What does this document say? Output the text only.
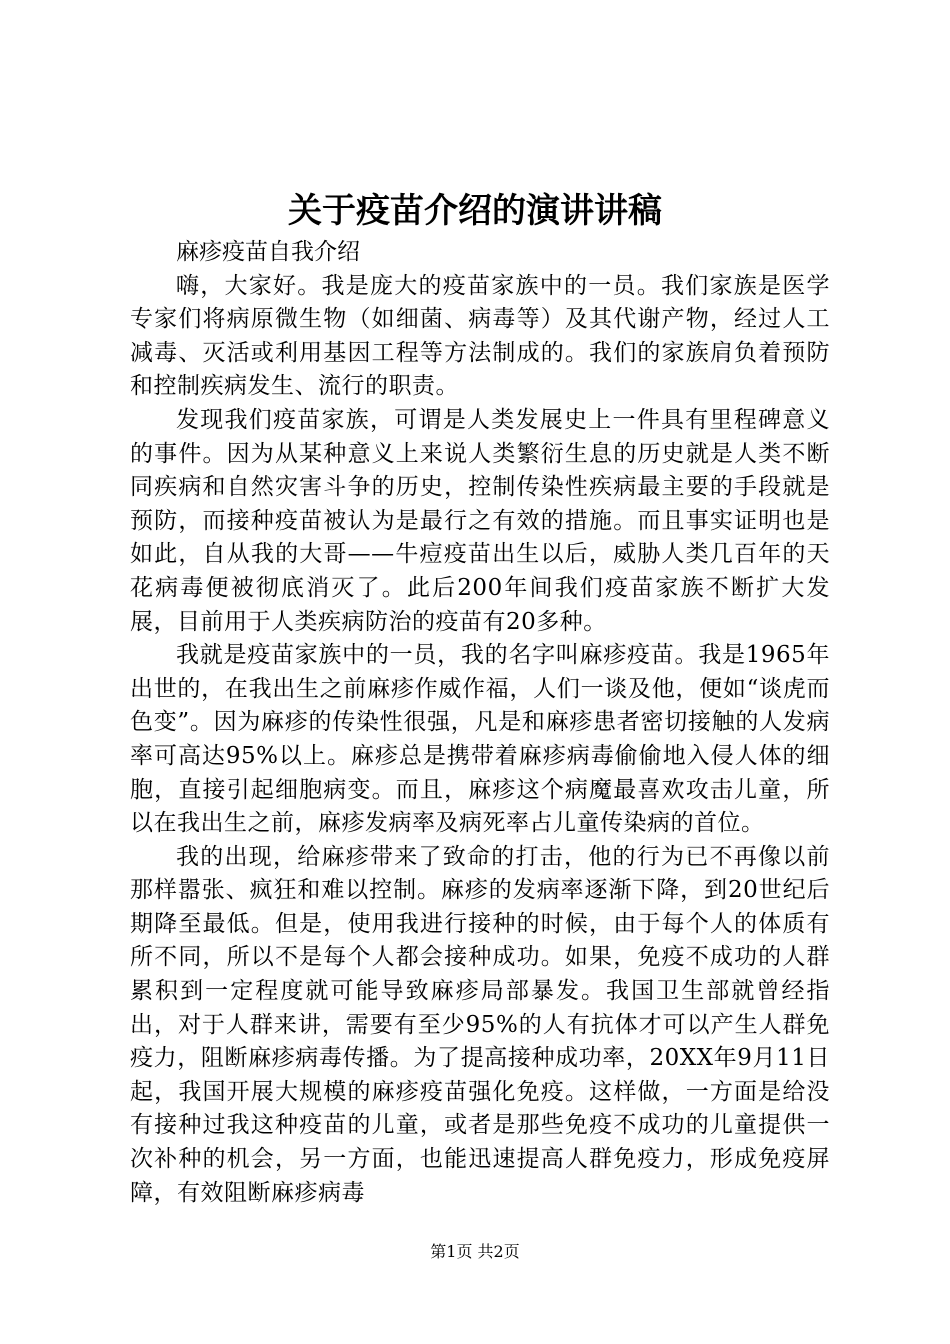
关于疫苗介绍的演讲讲稿

麻疹疫苗自我介绍

嗨，大家好。我是庞大的疫苗家族中的一员。我们家族是医学专家们将病原微生物（如细菌、病毒等）及其代谢产物，经过人工减毒、灭活或利用基因工程等方法制成的。我们的家族肩负着预防和控制疾病发生、流行的职责。

发现我们疫苗家族，可谓是人类发展史上一件具有里程碑意义的事件。因为从某种意义上来说人类繁衍生息的历史就是人类不断同疾病和自然灾害斗争的历史，控制传染性疾病最主要的手段就是预防，而接种疫苗被认为是最行之有效的措施。而且事实证明也是如此，自从我的大哥——牛痘疫苗出生以后，威胁人类几百年的天花病毒便被彻底消灭了。此后200年间我们疫苗家族不断扩大发展，目前用于人类疾病防治的疫苗有20多种。

我就是疫苗家族中的一员，我的名字叫麻疹疫苗。我是1965年出世的，在我出生之前麻疹作威作福，人们一谈及他，便如“谈虎而色变”。因为麻疹的传染性很强，凡是和麻疹患者密切接触的人发病率可高达95%以上。麻疹总是携带着麻疹病毒偷偷地入侵人体的细胞，直接引起细胞病变。而且，麻疹这个病魔最喜欢攻击儿童，所以在我出生之前，麻疹发病率及病死率占儿童传染病的首位。

我的出现，给麻疹带来了致命的打击，他的行为已不再像以前那样嚣张、疯狂和难以控制。麻疹的发病率逐渐下降，到20世纪后期降至最低。但是，使用我进行接种的时候，由于每个人的体质有所不同，所以不是每个人都会接种成功。如果，免疫不成功的人群累积到一定程度就可能导致麻疹局部暴发。我国卫生部就曾经指出，对于人群来讲，需要有至少95%的人有抗体才可以产生人群免疫力，阻断麻疹病毒传播。为了提高接种成功率，20XX年9月11日起，我国开展大规模的麻疹疫苗强化免疫。这样做，一方面是给没有接种过我这种疫苗的儿童，或者是那些免疫不成功的儿童提供一次补种的机会，另一方面，也能迅速提高人群免疫力，形成免疫屏障，有效阻断麻疹病毒

第1页 共2页
